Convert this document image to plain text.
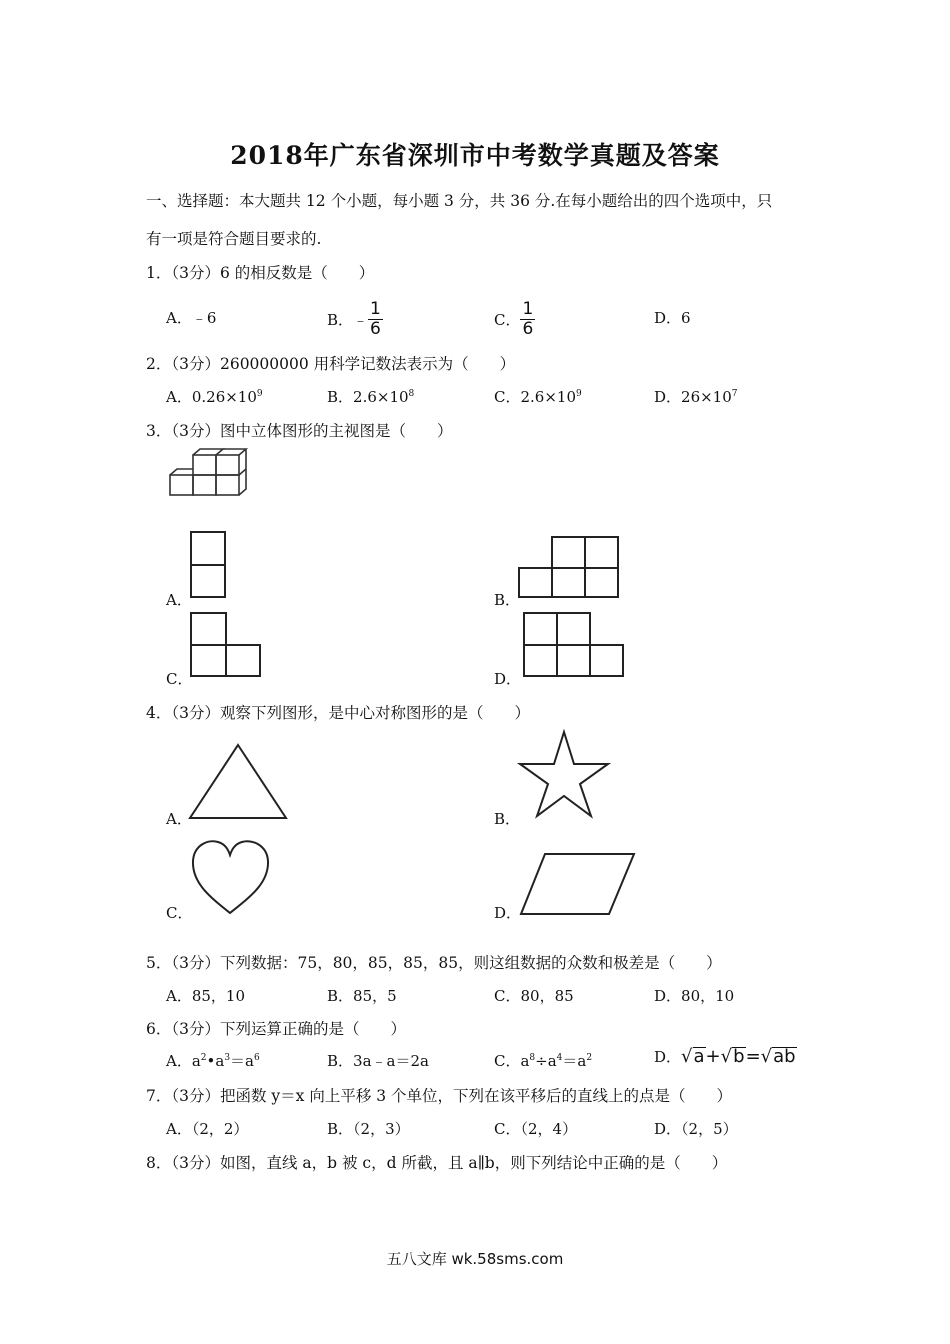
2018年广东省深圳市中考数学真题及答案
一、选择题：本大题共 12 个小题，每小题 3 分，共 36 分.在每小题给出的四个选项中，只
有一项是符合题目要求的.
1．（3分）6 的相反数是（　　）
A．﹣6	B．﹣ $\frac{1}{6}$	C． $\frac{1}{6}$	D．6
2．（3分）260000000 用科学记数法表示为（　　）
A．$0.26\times 10^9$	B．$2.6\times 10^8$	C．$2.6\times 10^9$	D．$26\times 10^7$
3．（3分）图中立体图形的主视图是（　　）
A．	B．
C．	D．
4．（3分）观察下列图形，是中心对称图形的是（　　）
A．	B．
C．	D．
5．（3分）下列数据：75，80，85，85，85，则这组数据的众数和极差是（　　）
A．85，10	B．85，5	C．80，85	D．80，10
6．（3分）下列运算正确的是（　　）
A．$a^2•a^3=a^6$	B．3a﹣a＝2a	C．$a^8\div a^4=a^2$	D．√a+√b=√ab
7．（3分）把函数 y＝x 向上平移 3 个单位，下列在该平移后的直线上的点是（　　）
A．（2，2）	B．（2，3）	C．（2，4）	D．（2，5）
8．（3分）如图，直线 a，b 被 c，d 所截，且 a∥b，则下列结论中正确的是（　　）
五八文库 wk.58sms.com
